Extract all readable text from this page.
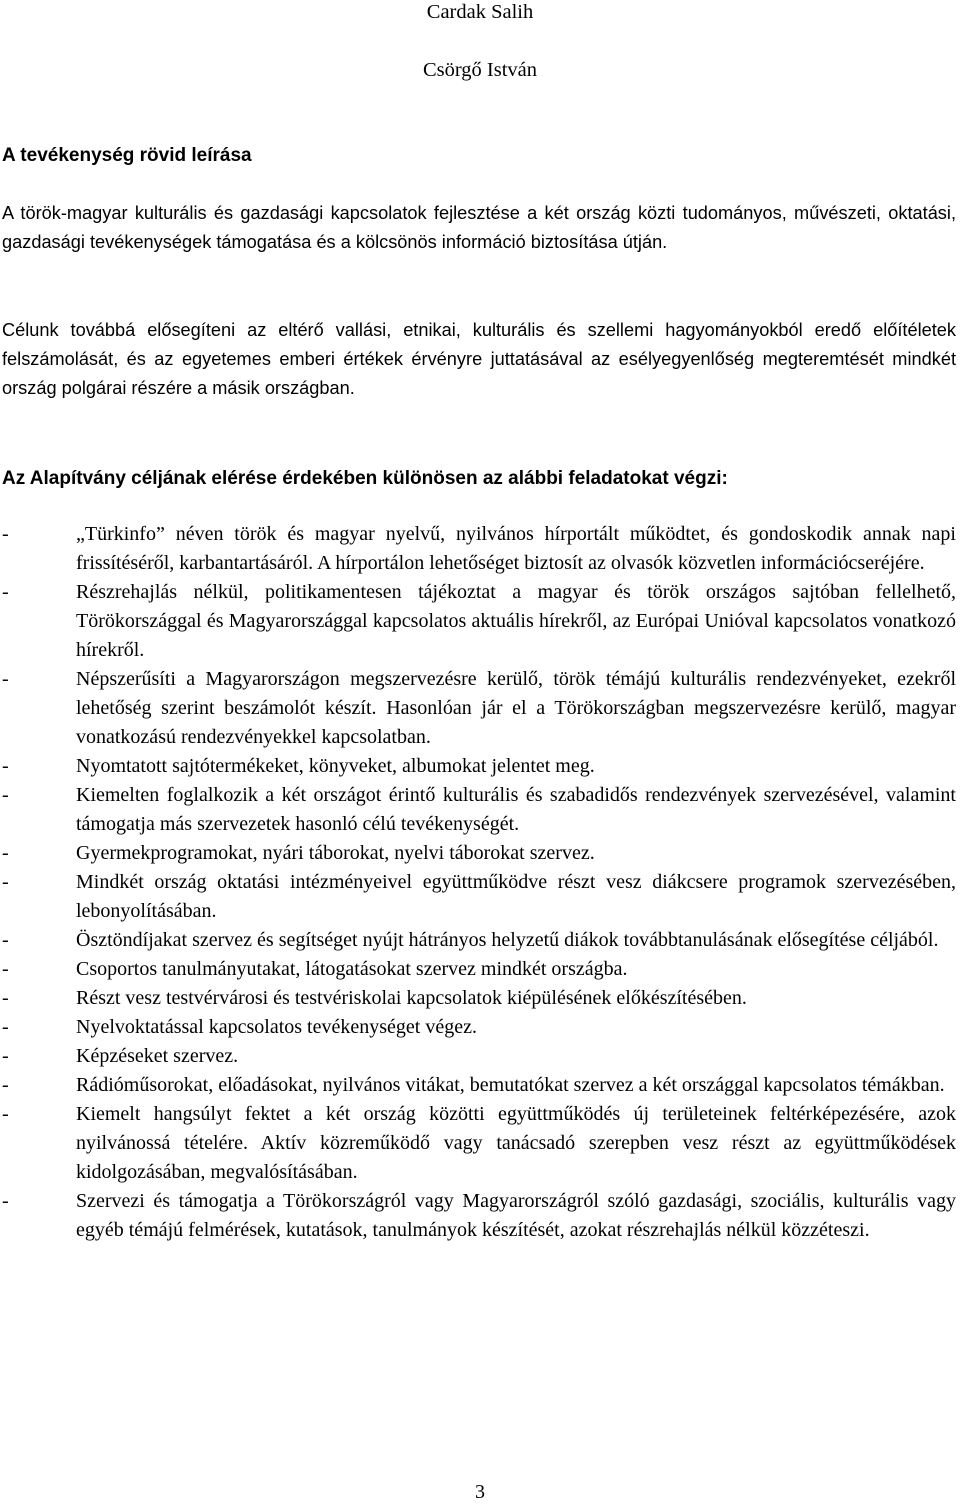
Cardak Salih
Csörgő István
A tevékenység rövid leírása

A török-magyar kulturális és gazdasági kapcsolatok fejlesztése a két ország közti tudományos, művészeti, oktatási, gazdasági tevékenységek támogatása és a kölcsönös információ biztosítása útján.

Célunk továbbá elősegíteni az eltérő vallási, etnikai, kulturális és szellemi hagyományokból eredő előítéletek felszámolását, és az egyetemes emberi értékek érvényre juttatásával az esélyegyenlőség megteremtését mindkét ország polgárai részére a másik országban.

Az Alapítvány céljának elérése érdekében különösen az alábbi feladatokat végzi:
-	„Türkinfo” néven török és magyar nyelvű, nyilvános hírportált működtet, és gondoskodik annak napi frissítéséről, karbantartásáról. A hírportálon lehetőséget biztosít az olvasók közvetlen információcseréjére.
-	Részrehajlás nélkül, politikamentesen tájékoztat a magyar és török országos sajtóban fellelhető, Törökországgal és Magyarországgal kapcsolatos aktuális hírekről, az Európai Unióval kapcsolatos vonatkozó hírekről.
-	Népszerűsíti a Magyarországon megszervezésre kerülő, török témájú kulturális rendezvényeket, ezekről lehetőség szerint beszámolót készít. Hasonlóan jár el a Törökországban megszervezésre kerülő, magyar vonatkozású rendezvényekkel kapcsolatban.
-	Nyomtatott sajtótermékeket, könyveket, albumokat jelentet meg.
-	Kiemelten foglalkozik a két országot érintő kulturális és szabadidős rendezvények szervezésével, valamint támogatja más szervezetek hasonló célú tevékenységét.
-	Gyermekprogramokat, nyári táborokat, nyelvi táborokat szervez.
-	Mindkét ország oktatási intézményeivel együttműködve részt vesz diákcsere programok szervezésében, lebonyolításában.
-	Ösztöndíjakat szervez és segítséget nyújt hátrányos helyzetű diákok továbbtanulásának elősegítése céljából.
-	Csoportos tanulmányutakat, látogatásokat szervez mindkét országba.
-	Részt vesz testvérvárosi és testvériskolai kapcsolatok kiépülésének előkészítésében.
-	Nyelvoktatással kapcsolatos tevékenységet végez.
-	Képzéseket szervez.
-	Rádióműsorokat, előadásokat, nyilvános vitákat, bemutatókat szervez a két országgal kapcsolatos témákban.
-	Kiemelt hangsúlyt fektet a két ország közötti együttműködés új területeinek feltérképezésére, azok nyilvánossá tételére. Aktív közreműködő vagy tanácsadó szerepben vesz részt az együttműködések kidolgozásában, megvalósításában.
-	Szervezi és támogatja a Törökországról vagy Magyarországról szóló gazdasági, szociális, kulturális vagy egyéb témájú felmérések, kutatások, tanulmányok készítését, azokat részrehajlás nélkül közzéteszi.
3
